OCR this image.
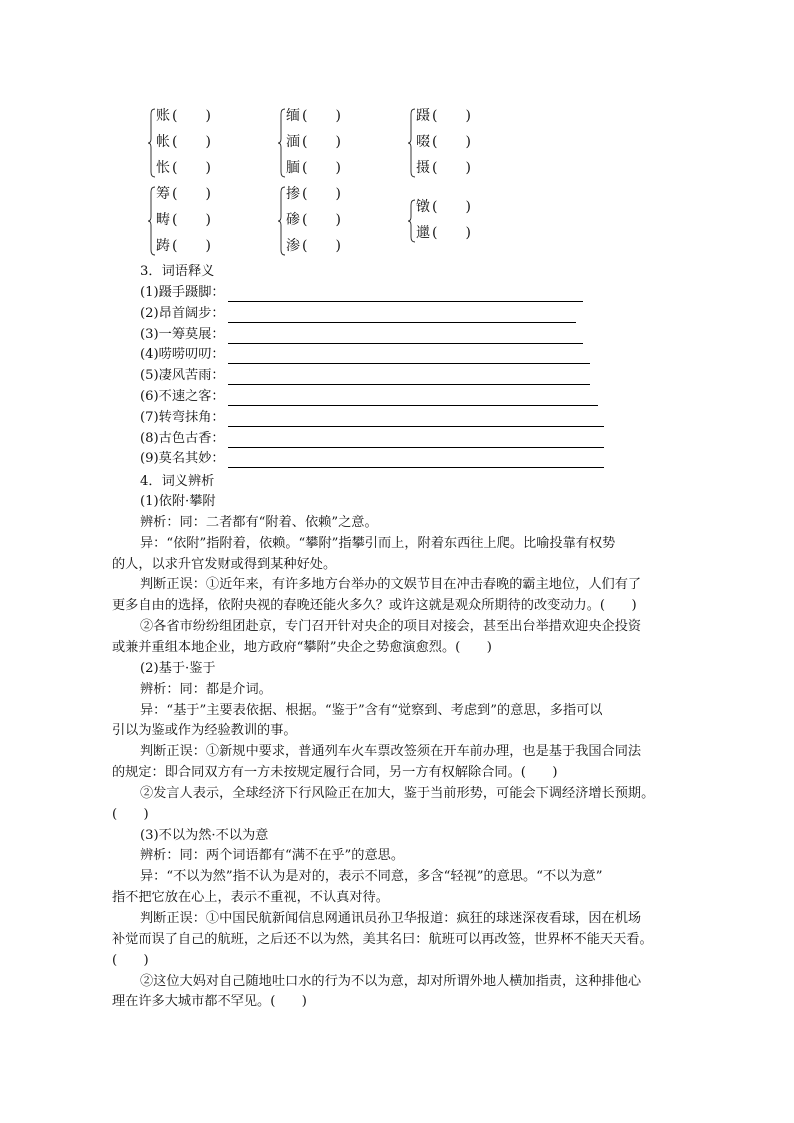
账 (　　)
帐 (　　)
怅 (　　)
缅 (　　)
湎 (　　)
腼 (　　)
蹑 (　　)
啜 (　　)
摄 (　　)
筹 (　　)
畴 (　　)
踌 (　　)
掺 (　　)
碜 (　　)
渗 (　　)
镦 (　　)
邋 (　　)
3．词语释义
(1)蹑手蹑脚：
(2)昂首阔步：
(3)一筹莫展：
(4)唠唠叨叨：
(5)凄风苦雨：
(6)不速之客：
(7)转弯抹角：
(8)古色古香：
(9)莫名其妙：
4．词义辨析
(1)依附·攀附
辨析：同：二者都有“附着、依赖”之意。
异：“依附”指附着，依赖。“攀附”指攀引而上，附着东西往上爬。比喻投靠有权势
的人，以求升官发财或得到某种好处。
判断正误：①近年来，有许多地方台举办的文娱节目在冲击春晚的霸主地位，人们有了
更多自由的选择，依附央视的春晚还能火多久？或许这就是观众所期待的改变动力。(　　)
②各省市纷纷组团赴京，专门召开针对央企的项目对接会，甚至出台举措欢迎央企投资
或兼并重组本地企业，地方政府“攀附”央企之势愈演愈烈。(　　)
(2)基于·鉴于
辨析：同：都是介词。
异：“基于”主要表依据、根据。“鉴于”含有“觉察到、考虑到”的意思，多指可以
引以为鉴或作为经验教训的事。
判断正误：①新规中要求，普通列车火车票改签须在开车前办理，也是基于我国合同法
的规定：即合同双方有一方未按规定履行合同，另一方有权解除合同。(　　)
②发言人表示，全球经济下行风险正在加大，鉴于当前形势，可能会下调经济增长预期。
(　　)
(3)不以为然·不以为意
辨析：同：两个词语都有“满不在乎”的意思。
异：“不以为然”指不认为是对的，表示不同意，多含“轻视”的意思。“不以为意”
指不把它放在心上，表示不重视，不认真对待。
判断正误：①中国民航新闻信息网通讯员孙卫华报道：疯狂的球迷深夜看球，因在机场
补觉而误了自己的航班，之后还不以为然，美其名曰：航班可以再改签，世界杯不能天天看。
(　　)
②这位大妈对自己随地吐口水的行为不以为意，却对所谓外地人横加指责，这种排他心
理在许多大城市都不罕见。(　　)
